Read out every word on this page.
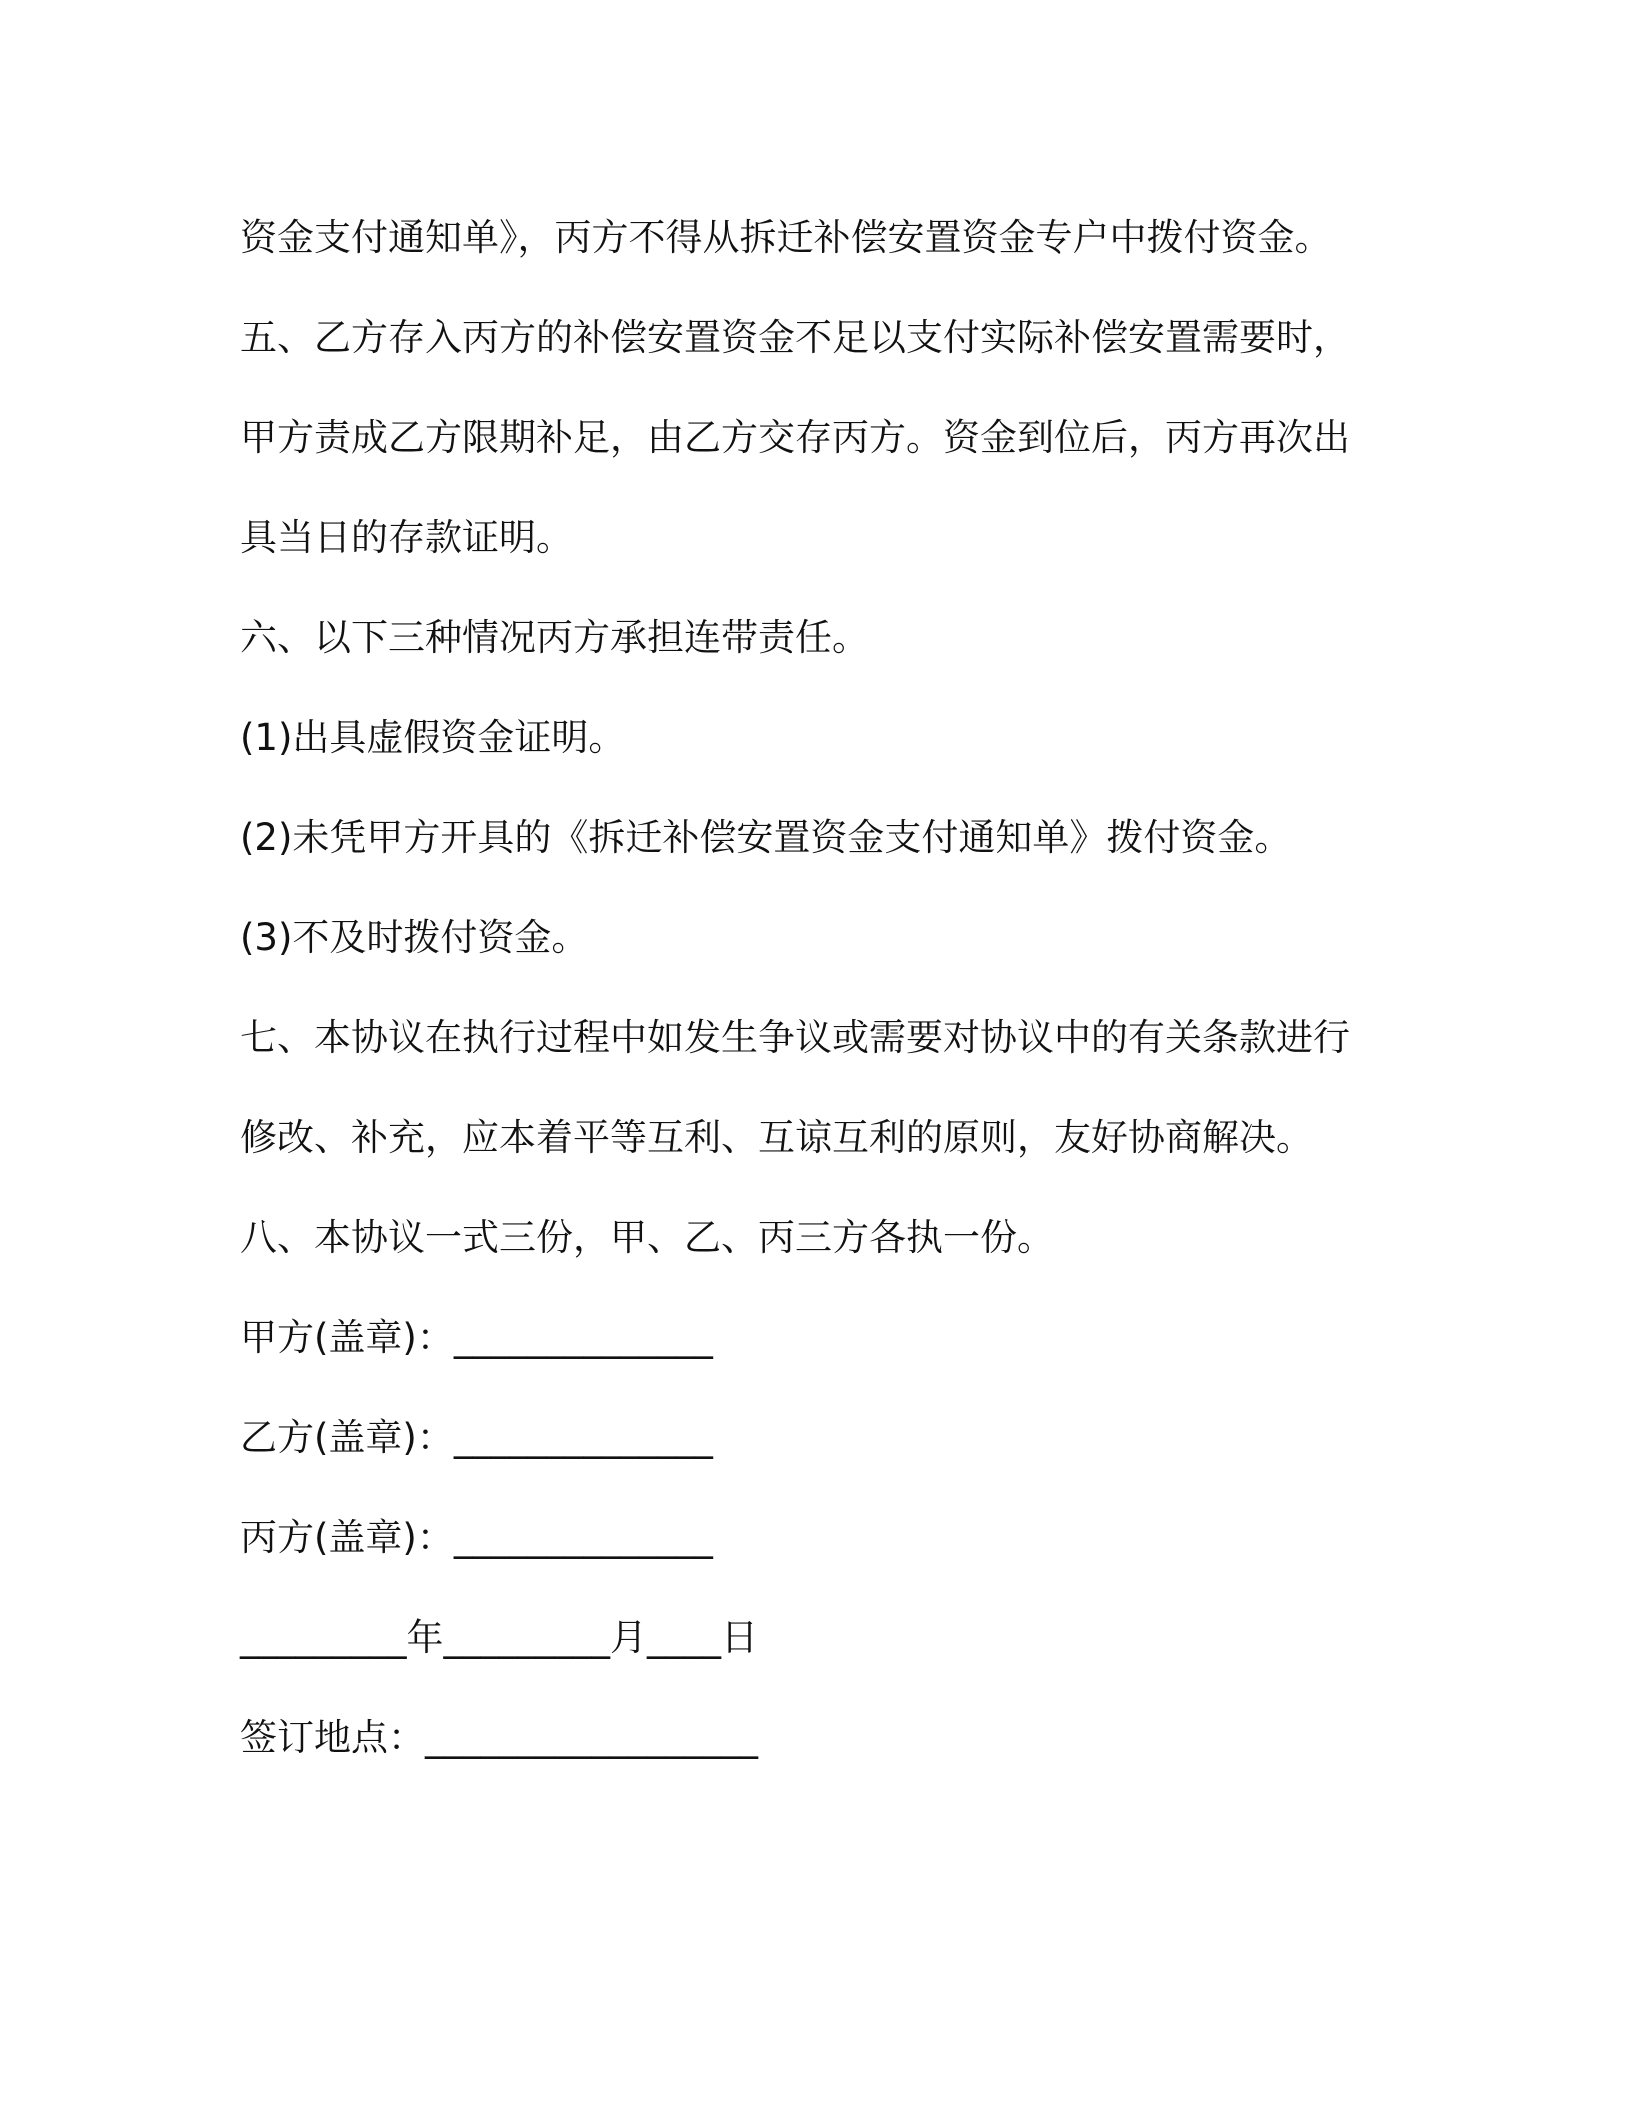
资金支付通知单》，丙方不得从拆迁补偿安置资金专户中拨付资金。
五、乙方存入丙方的补偿安置资金不足以支付实际补偿安置需要时，
甲方责成乙方限期补足，由乙方交存丙方。资金到位后，丙方再次出
具当日的存款证明。
六、以下三种情况丙方承担连带责任。
(1)出具虚假资金证明。
(2)未凭甲方开具的《拆迁补偿安置资金支付通知单》拨付资金。
(3)不及时拨付资金。
七、本协议在执行过程中如发生争议或需要对协议中的有关条款进行
修改、补充，应本着平等互利、互谅互利的原则，友好协商解决。
八、本协议一式三份，甲、乙、丙三方各执一份。
甲方(盖章)：______________
乙方(盖章)：______________
丙方(盖章)：______________
_________年_________月____日
签订地点：__________________
